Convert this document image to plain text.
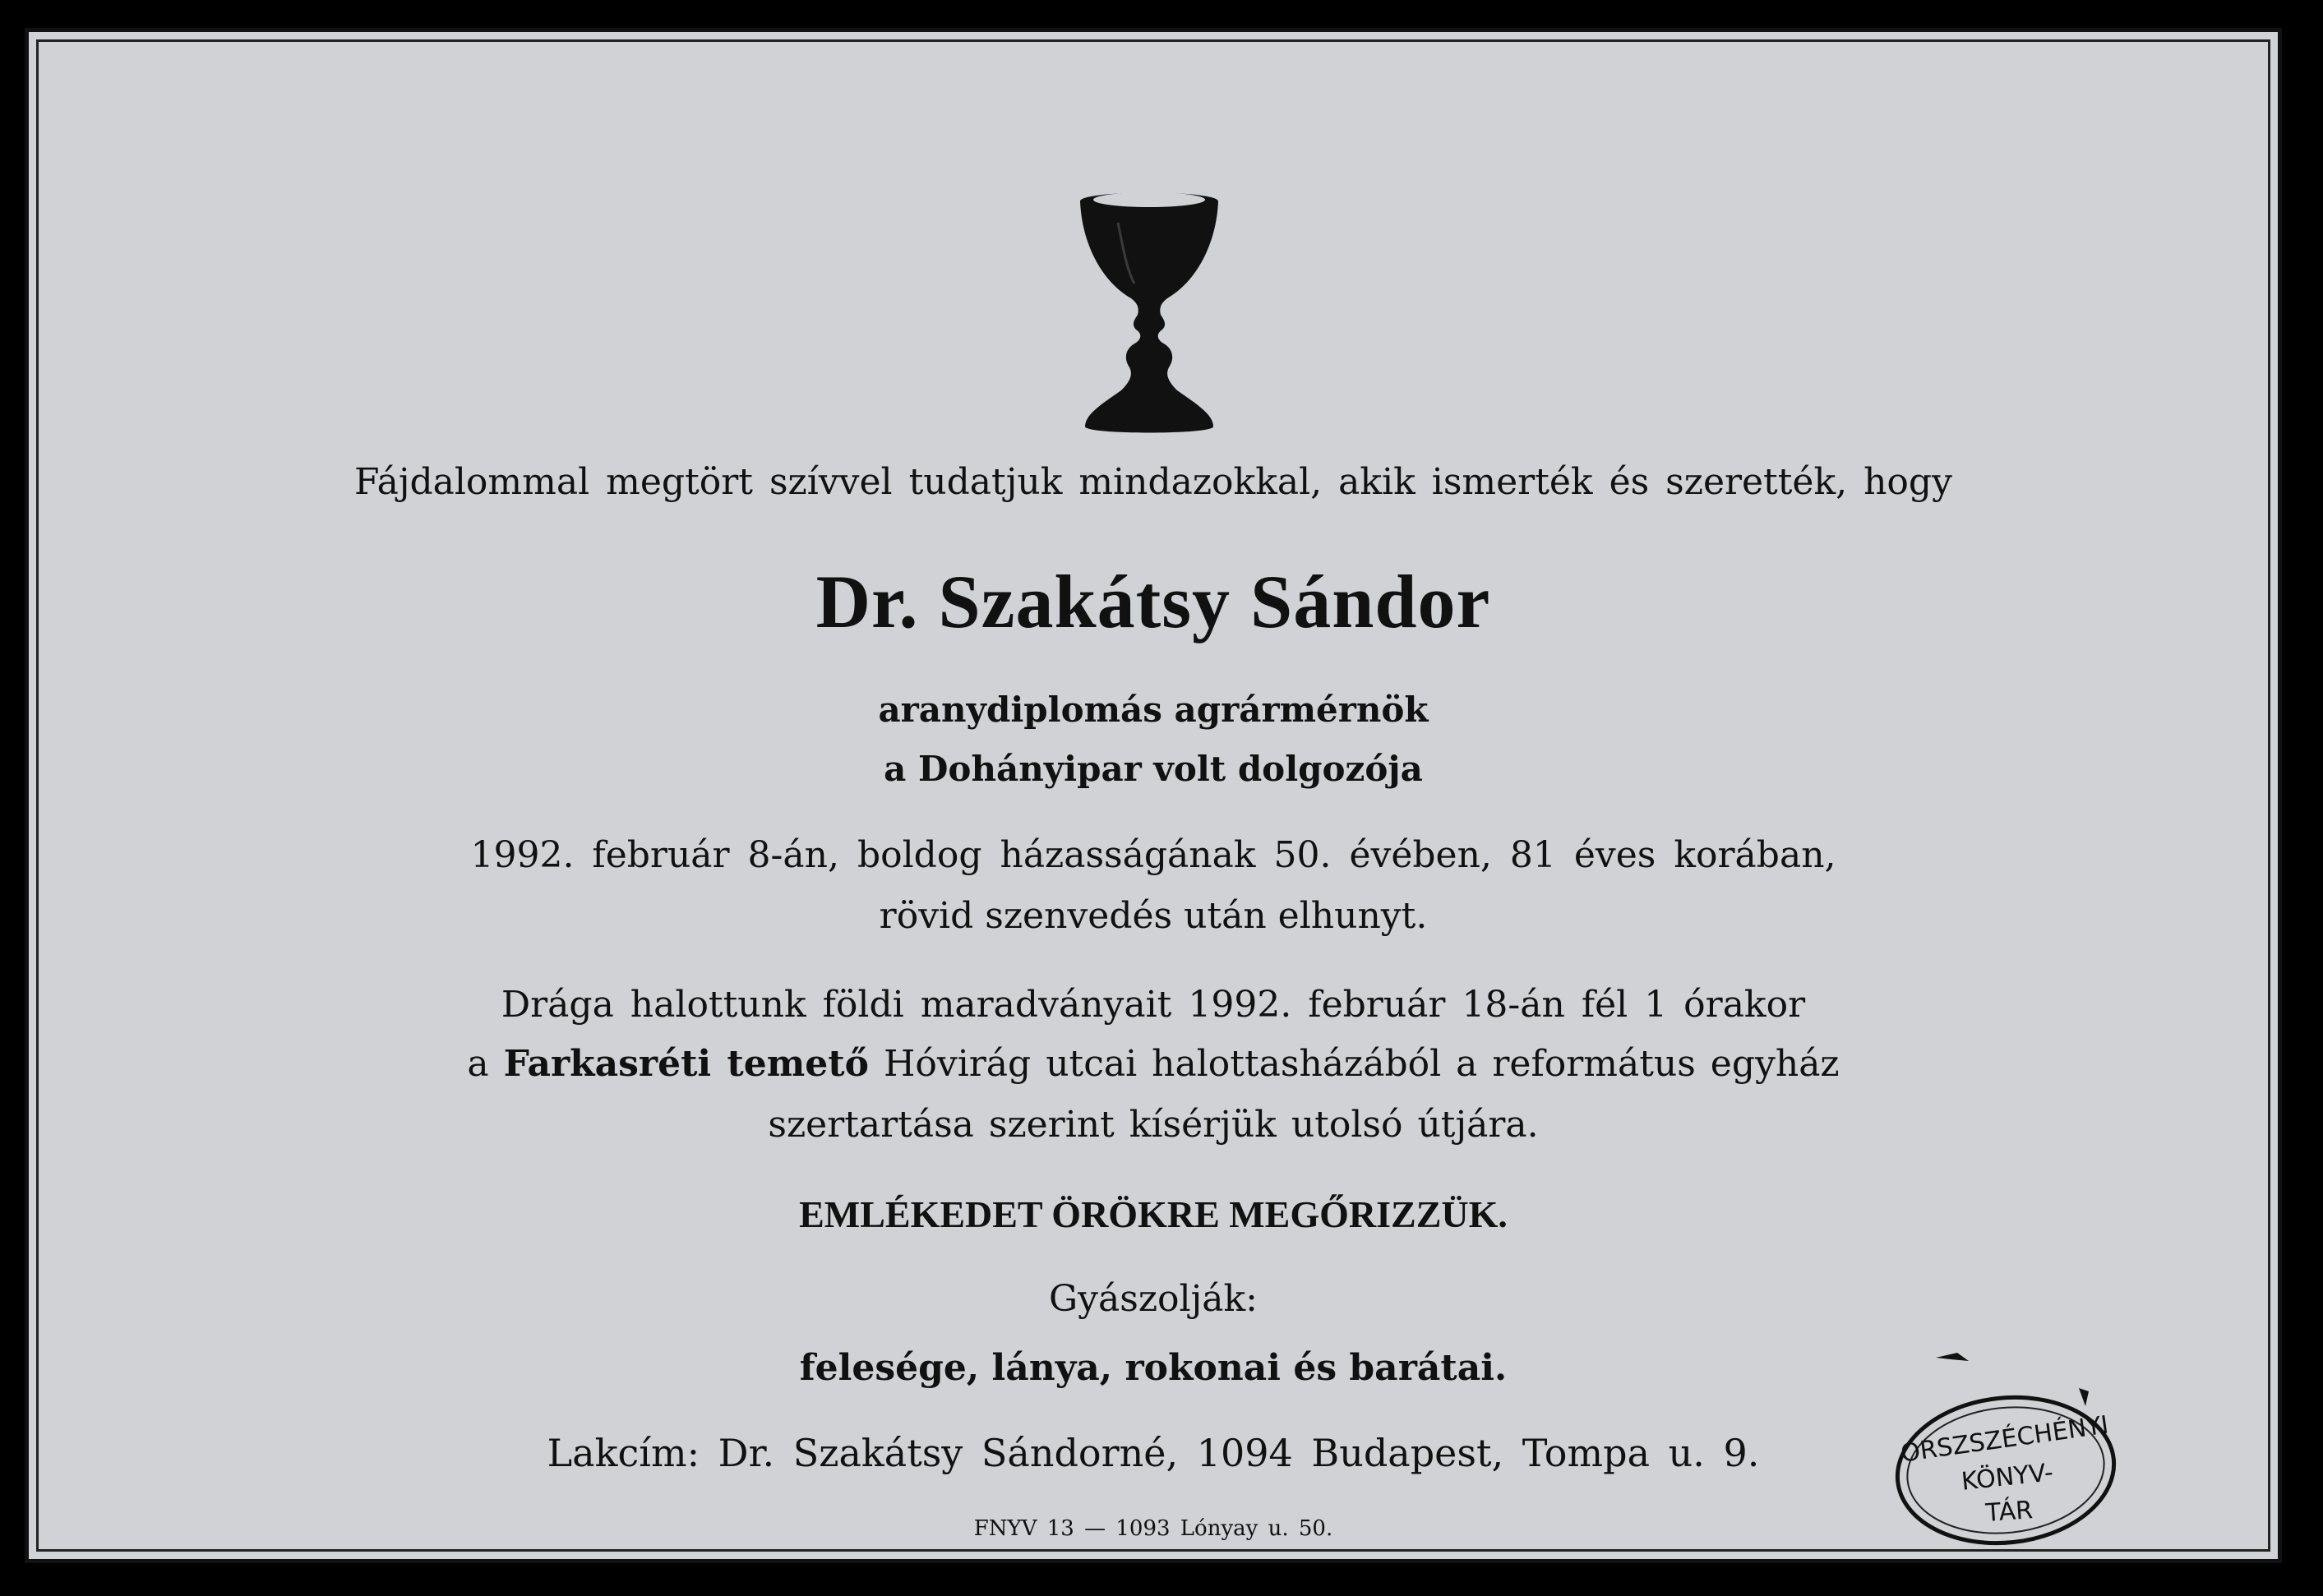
Fájdalommal megtört szívvel tudatjuk mindazokkal, akik ismerték és szerették, hogy
Dr. Szakátsy Sándor
aranydiplomás agrármérnök
a Dohányipar volt dolgozója
1992. február 8-án, boldog házasságának 50. évében, 81 éves korában,
rövid szenvedés után elhunyt.
Drága halottunk földi maradványait 1992. február 18-án fél 1 órakor
a Farkasréti temető Hóvirág utcai halottasházából a református egyház
szertartása szerint kísérjük utolsó útjára.
EMLÉKEDET ÖRÖKRE MEGŐRIZZÜK.
Gyászolják:
felesége, lánya, rokonai és barátai.
Lakcím: Dr. Szakátsy Sándorné, 1094 Budapest, Tompa u. 9.
FNYV 13 — 1093 Lónyay u. 50.
ORSZSZÉCHÉNYI
KÖNYV-
TÁR
